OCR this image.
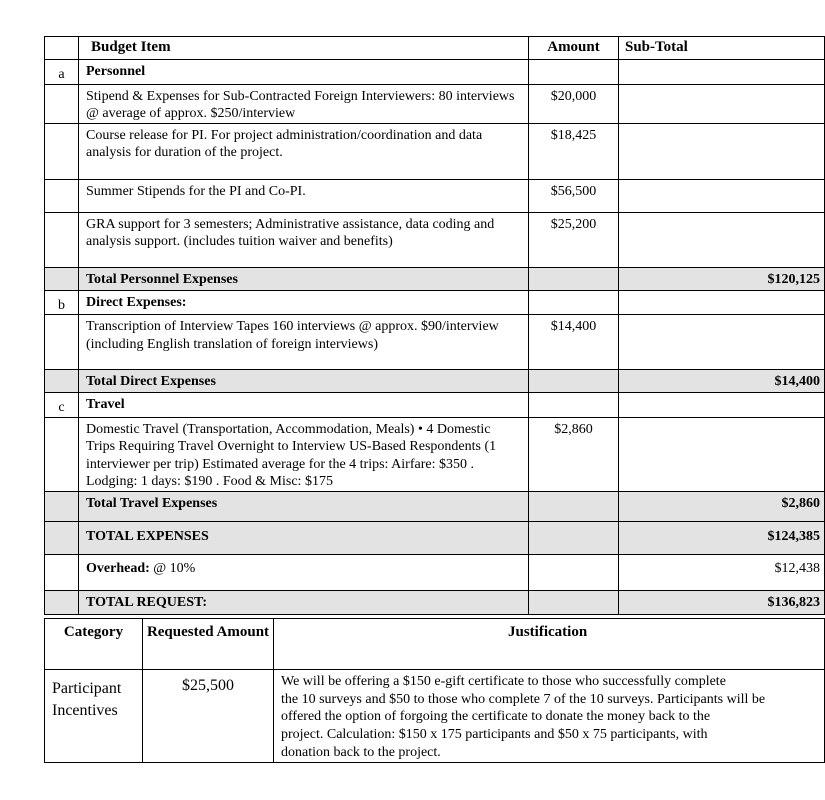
	Budget Item	Amount	Sub-Total
a	Personnel		
	Stipend & Expenses for Sub-Contracted Foreign Interviewers: 80 interviews @ average of approx. $250/interview	$20,000	
	Course release for PI. For project administration/coordination and data analysis for duration of the project.	$18,425	
	Summer Stipends for the PI and Co-PI.	$56,500	
	GRA support for 3 semesters; Administrative assistance, data coding and analysis support. (includes tuition waiver and benefits)	$25,200	
	Total Personnel Expenses		$120,125
b	Direct Expenses:		
	Transcription of Interview Tapes 160 interviews @ approx. $90/interview (including English translation of foreign interviews)	$14,400	
	Total Direct Expenses		$14,400
c	Travel		
	Domestic Travel (Transportation, Accommodation, Meals) • 4 Domestic Trips Requiring Travel Overnight to Interview US-Based Respondents (1 interviewer per trip) Estimated average for the 4 trips: Airfare: $350 . Lodging: 1 days: $190 . Food & Misc: $175	$2,860	
	Total Travel Expenses		$2,860
	TOTAL EXPENSES		$124,385
	Overhead: @ 10%		$12,438
	TOTAL REQUEST:		$136,823
Category	Requested Amount	Justification
Participant Incentives	$25,500	We will be offering a $150 e-gift certificate to those who successfully complete
the 10 surveys and $50 to those who complete 7 of the 10 surveys. Participants will be
offered the option of forgoing the certificate to donate the money back to the
project. Calculation: $150 x 175 participants and $50 x 75 participants, with
donation back to the project.
